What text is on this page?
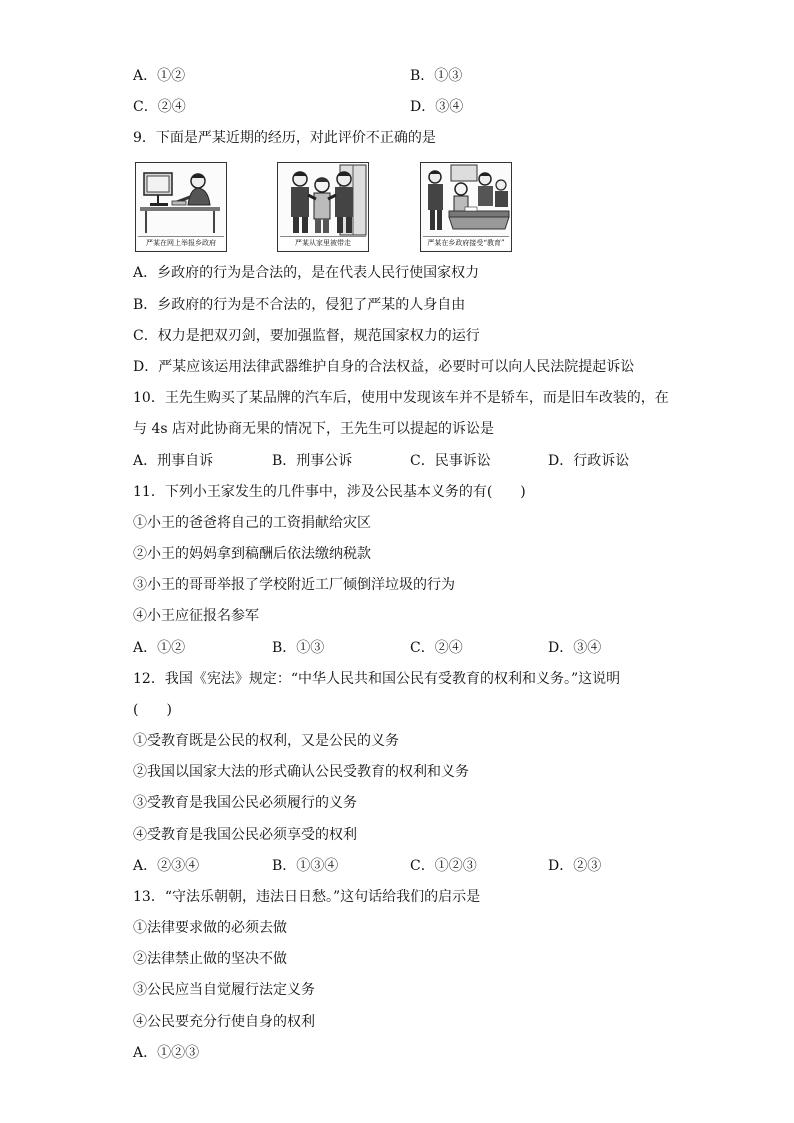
A．①②	B．①③
C．②④	D．③④
9．下面是严某近期的经历，对此评价不正确的是
严某在网上举报乡政府	严某从家里被带走	严某在乡政府接受“教育”
A．乡政府的行为是合法的，是在代表人民行使国家权力
B．乡政府的行为是不合法的，侵犯了严某的人身自由
C．权力是把双刃剑，要加强监督，规范国家权力的运行
D．严某应该运用法律武器维护自身的合法权益，必要时可以向人民法院提起诉讼
10．王先生购买了某品牌的汽车后，使用中发现该车并不是轿车，而是旧车改装的，在
与 4s 店对此协商无果的情况下，王先生可以提起的诉讼是
A．刑事自诉	B．刑事公诉	C．民事诉讼	D．行政诉讼
11．下列小王家发生的几件事中，涉及公民基本义务的有(　　)
①小王的爸爸将自己的工资捐献给灾区
②小王的妈妈拿到稿酬后依法缴纳税款
③小王的哥哥举报了学校附近工厂倾倒洋垃圾的行为
④小王应征报名参军
A．①②	B．①③	C．②④	D．③④
12．我国《宪法》规定：“中华人民共和国公民有受教育的权利和义务。”这说明
(　　)
①受教育既是公民的权利，又是公民的义务
②我国以国家大法的形式确认公民受教育的权利和义务
③受教育是我国公民必须履行的义务
④受教育是我国公民必须享受的权利
A．②③④	B．①③④	C．①②③	D．②③
13．“守法乐朝朝，违法日日愁。”这句话给我们的启示是
①法律要求做的必须去做
②法律禁止做的坚决不做
③公民应当自觉履行法定义务
④公民要充分行使自身的权利
A．①②③
